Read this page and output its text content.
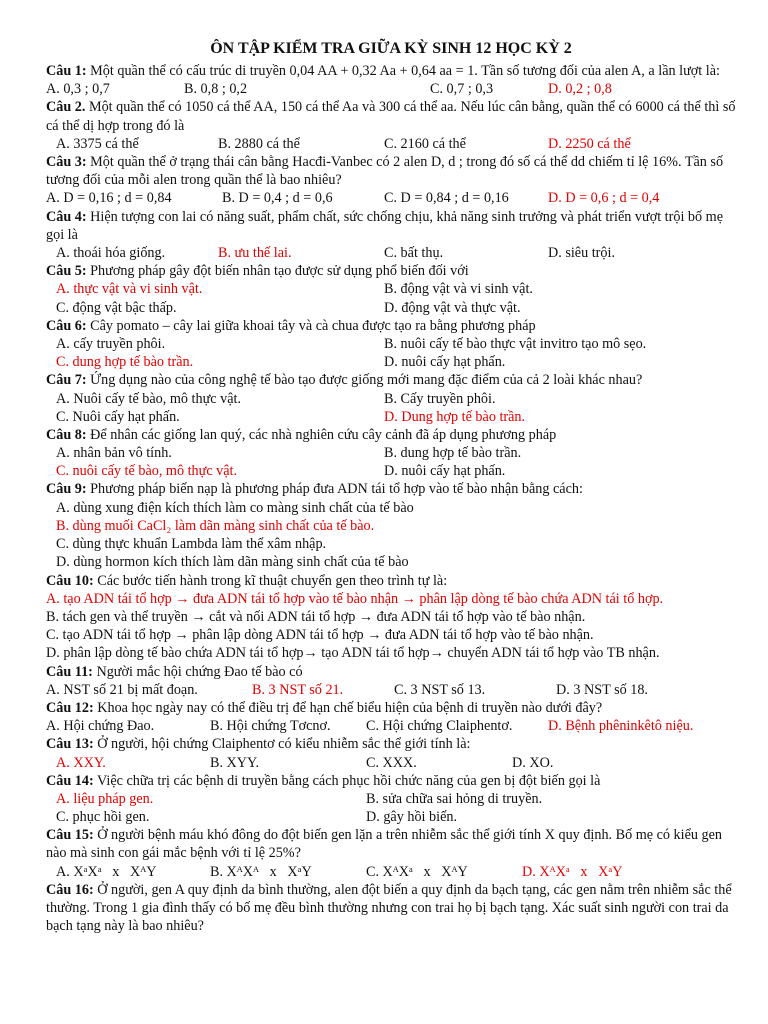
ÔN TẬP KIỂM TRA GIỮA KỲ SINH 12 HỌC KỲ 2

Câu 1: Một quần thể có cấu trúc di truyền 0,04 AA + 0,32 Aa + 0,64 aa = 1. Tần số tương đối của alen A, a lần lượt là:

A. 0,3 ; 0,7	B. 0,8 ; 0,2	C. 0,7 ; 0,3	D. 0,2 ; 0,8

Câu 2. Một quần thể có 1050 cá thể AA, 150 cá thể Aa và 300 cá thể aa. Nếu lúc cân bằng, quần thể có 6000 cá thể thì số cá thể dị hợp trong đó là

A. 3375 cá thể	B. 2880 cá thể	C. 2160 cá thể	D. 2250 cá thể

Câu 3: Một quần thể ở trạng thái cân bằng Hacđi-Vanbec có 2 alen D, d ; trong đó số cá thể dd chiếm tỉ lệ 16%. Tần số tương đối của mỗi alen trong quần thể là bao nhiêu?

A. D = 0,16 ; d = 0,84	B. D = 0,4 ; d = 0,6	C. D = 0,84 ; d = 0,16	D. D = 0,6 ; d = 0,4

Câu 4: Hiện tượng con lai có năng suất, phẩm chất, sức chống chịu, khả năng sinh trưởng và phát triển vượt trội bố mẹ gọi là

A. thoái hóa giống.	B. ưu thế lai.	C. bất thụ.	D. siêu trội.

Câu 5: Phương pháp gây đột biến nhân tạo được sử dụng phổ biến đối với

A. thực vật và vi sinh vật.	B. động vật và vi sinh vật.
C. động vật bậc thấp.	D. động vật và thực vật.

Câu 6: Cây pomato – cây lai giữa khoai tây và cà chua được tạo ra bằng phương pháp

A. cấy truyền phôi.	B. nuôi cấy tế bào thực vật invitro tạo mô sẹo.
C. dung hợp tế bào trần.	D. nuôi cấy hạt phấn.

Câu 7: Ứng dụng nào của công nghệ tế bào tạo được giống mới mang đặc điểm của cả 2 loài khác nhau?

A. Nuôi cấy tế bào, mô thực vật.	B. Cấy truyền phôi.
C. Nuôi cấy hạt phấn.	D. Dung hợp tế bào trần.

Câu 8: Để nhân các giống lan quý, các nhà nghiên cứu cây cảnh đã áp dụng phương pháp

A. nhân bản vô tính.	B. dung hợp tế bào trần.
C. nuôi cấy tế bào, mô thực vật.	D. nuôi cấy hạt phấn.

Câu 9: Phương pháp biến nạp là phương pháp đưa ADN tái tổ hợp vào tế bào nhận bằng cách:

A. dùng xung điện kích thích làm co màng sinh chất của tế bào
B. dùng muối CaCl₂ làm dãn màng sinh chất của tế bào.
C. dùng thực khuẩn Lambda làm thể xâm nhập.
D. dùng hormon kích thích làm dãn màng sinh chất của tế bào

Câu 10: Các bước tiến hành trong kĩ thuật chuyển gen theo trình tự là:

A. tạo ADN tái tổ hợp → đưa ADN tái tổ hợp vào tế bào nhận → phân lập dòng tế bào chứa ADN tái tổ hợp.
B. tách gen và thể truyền → cắt và nối ADN tái tổ hợp → đưa ADN tái tổ hợp vào tế bào nhận.
C. tạo ADN tái tổ hợp → phân lập dòng ADN tái tổ hợp → đưa ADN tái tổ hợp vào tế bào nhận.
D. phân lập dòng tế bào chứa ADN tái tổ hợp→ tạo ADN tái tổ hợp→ chuyển ADN tái tổ hợp vào TB nhận.

Câu 11: Người mắc hội chứng Đao tế bào có

A. NST số 21 bị mất đoạn.	B. 3 NST số 21.	C. 3 NST số 13.	D. 3 NST số 18.

Câu 12: Khoa học ngày nay có thể điều trị để hạn chế biểu hiện của bệnh di truyền nào dưới đây?

A. Hội chứng Đao.	B. Hội chứng Tơcnơ. C. Hội chứng Claiphentơ.	D. Bệnh phêninkêtô niệu.

Câu 13: Ở người, hội chứng Claiphentơ có kiểu nhiễm sắc thể giới tính là:

A. XXY.	B. XYY.	C. XXX.	D. XO.

Câu 14: Việc chữa trị các bệnh di truyền bằng cách phục hồi chức năng của gen bị đột biến gọi là

A. liệu pháp gen.	B. sửa chữa sai hỏng di truyền.
C. phục hồi gen.	D. gây hồi biến.

Câu 15: Ở người bệnh máu khó đông do đột biến gen lặn a trên nhiễm sắc thể giới tính X quy định. Bố mẹ có kiểu gen nào mà sinh con gái mắc bệnh với tỉ lệ 25%?

A. XᵃXᵃ   x   XᴬY	B. XᴬXᴬ   x   XᵃY	C. XᴬXᵃ   x   XᴬY	D. XᴬXᵃ   x   XᵃY

Câu 16: Ở người, gen A quy định da bình thường, alen đột biến a quy định da bạch tạng, các gen nằm trên nhiễm sắc thể thường. Trong 1 gia đình thấy có bố mẹ đều bình thường nhưng con trai họ bị bạch tạng. Xác suất sinh người con trai da bạch tạng này là bao nhiêu?
